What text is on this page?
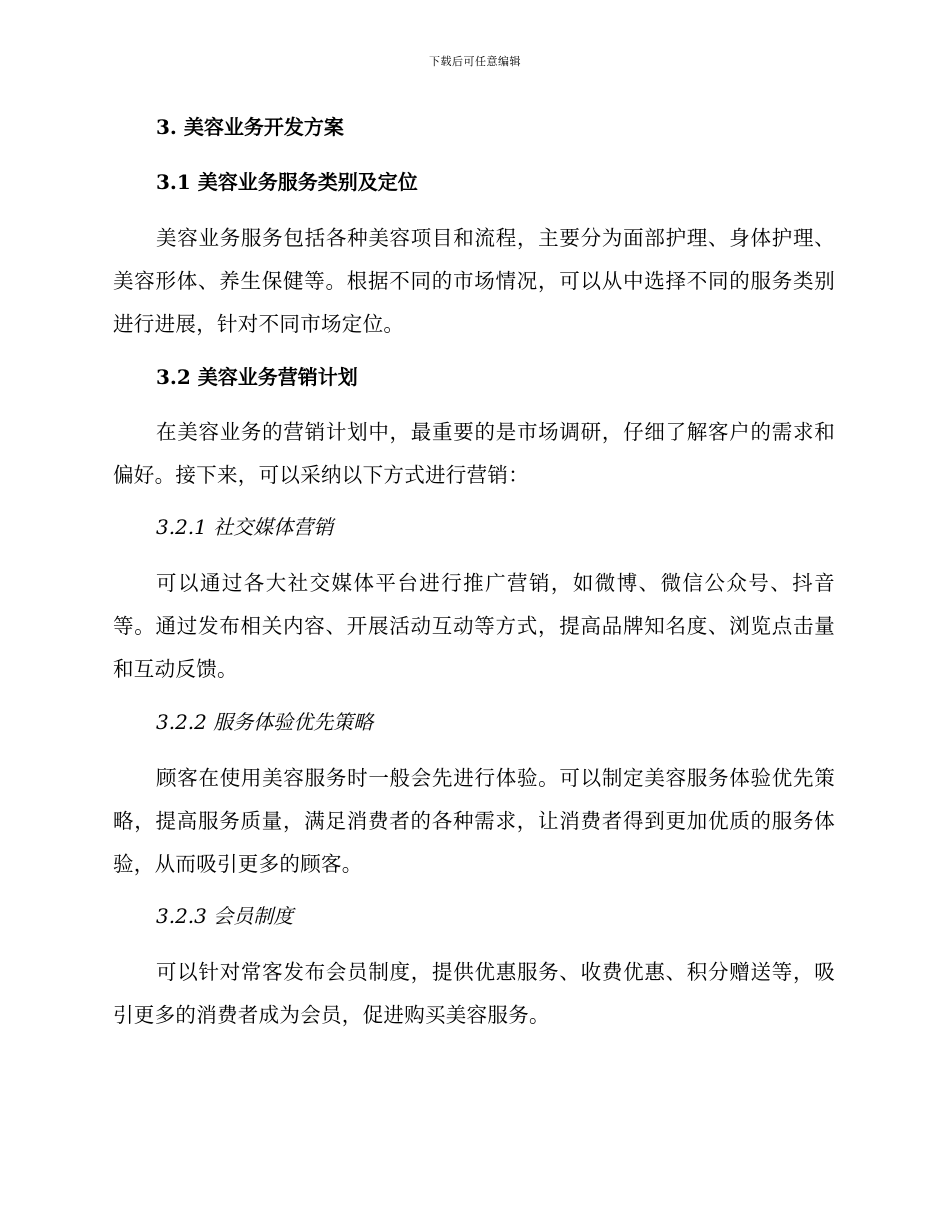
下载后可任意编辑
3. 美容业务开发方案
3.1 美容业务服务类别及定位

美容业务服务包括各种美容项目和流程，主要分为面部护理、身体护理、美容形体、养生保健等。根据不同的市场情况，可以从中选择不同的服务类别进行进展，针对不同市场定位。

3.2 美容业务营销计划

在美容业务的营销计划中，最重要的是市场调研，仔细了解客户的需求和偏好。接下来，可以采纳以下方式进行营销：

3.2.1 社交媒体营销

可以通过各大社交媒体平台进行推广营销，如微博、微信公众号、抖音等。通过发布相关内容、开展活动互动等方式，提高品牌知名度、浏览点击量和互动反馈。

3.2.2 服务体验优先策略

顾客在使用美容服务时一般会先进行体验。可以制定美容服务体验优先策略，提高服务质量，满足消费者的各种需求，让消费者得到更加优质的服务体验，从而吸引更多的顾客。

3.2.3 会员制度

可以针对常客发布会员制度，提供优惠服务、收费优惠、积分赠送等，吸引更多的消费者成为会员，促进购买美容服务。
